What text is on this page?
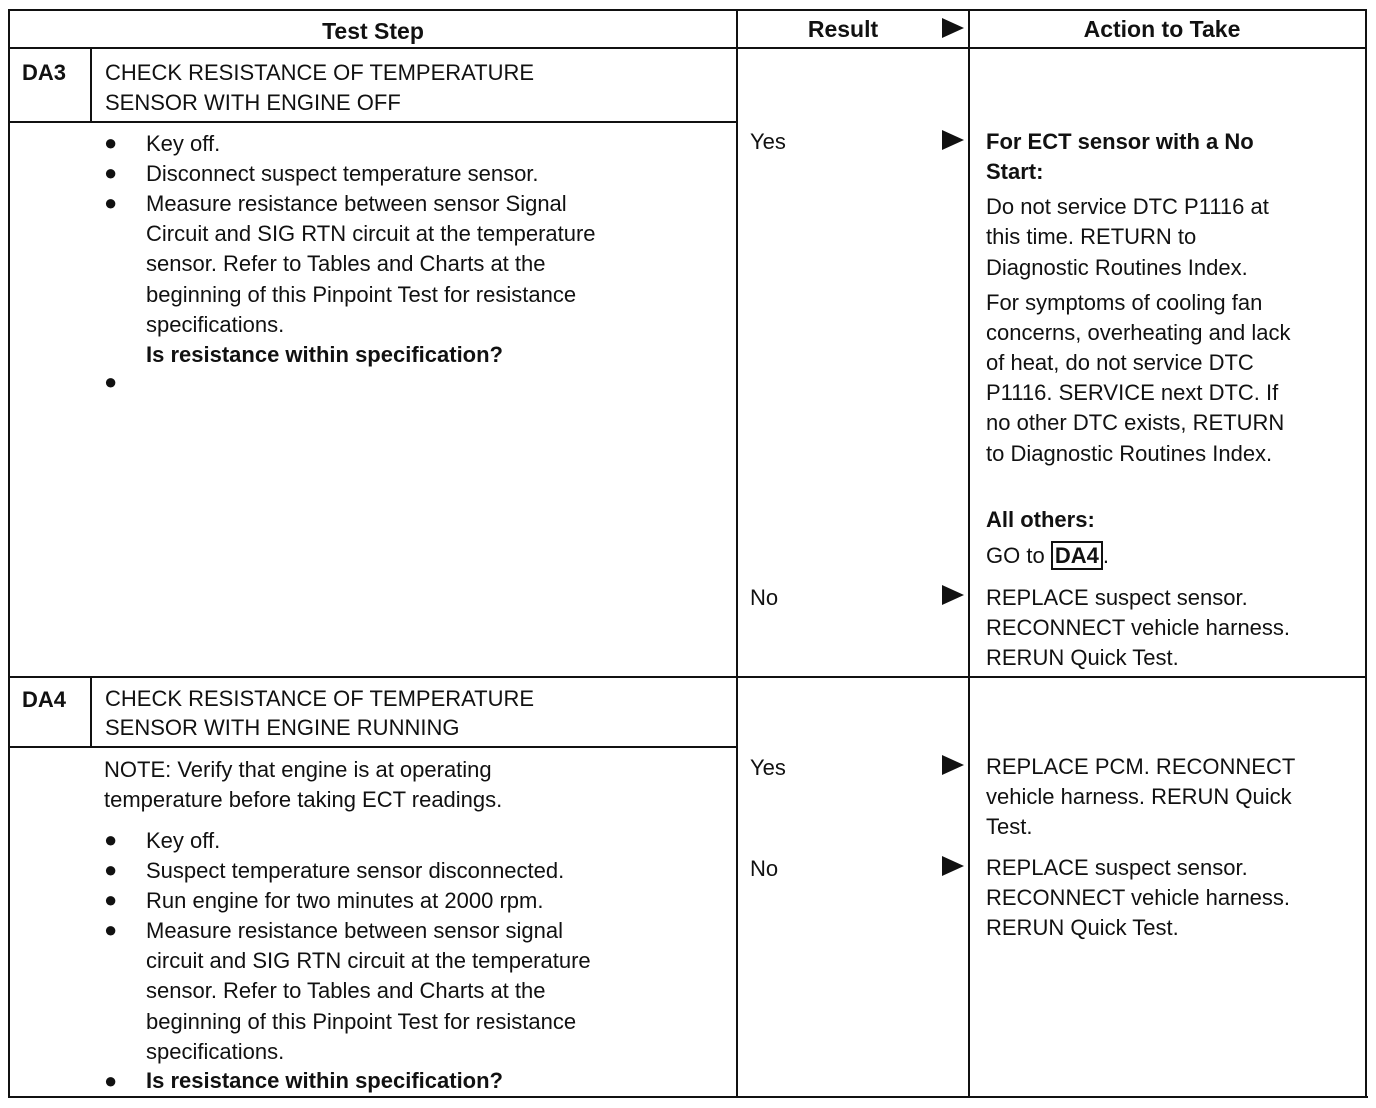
Test Step	Result	Action to Take
DA3 CHECK RESISTANCE OF TEMPERATURE
SENSOR WITH ENGINE OFF
● Key off.
● Disconnect suspect temperature sensor.
● Measure resistance between sensor Signal
Circuit and SIG RTN circuit at the temperature
sensor. Refer to Tables and Charts at the
beginning of this Pinpoint Test for resistance
specifications.
Is resistance within specification?
●
Yes
No
For ECT sensor with a No
Start:
Do not service DTC P1116 at
this time. RETURN to
Diagnostic Routines Index.
For symptoms of cooling fan
concerns, overheating and lack
of heat, do not service DTC
P1116. SERVICE next DTC. If
no other DTC exists, RETURN
to Diagnostic Routines Index.
All others:
GO to DA4 .
REPLACE suspect sensor.
RECONNECT vehicle harness.
RERUN Quick Test.
DA4 CHECK RESISTANCE OF TEMPERATURE
SENSOR WITH ENGINE RUNNING
NOTE: Verify that engine is at operating
temperature before taking ECT readings.
● Key off.
● Suspect temperature sensor disconnected.
● Run engine for two minutes at 2000 rpm.
● Measure resistance between sensor signal
circuit and SIG RTN circuit at the temperature
sensor. Refer to Tables and Charts at the
beginning of this Pinpoint Test for resistance
specifications.
● Is resistance within specification?
Yes
No
REPLACE PCM. RECONNECT
vehicle harness. RERUN Quick
Test.
REPLACE suspect sensor.
RECONNECT vehicle harness.
RERUN Quick Test.
